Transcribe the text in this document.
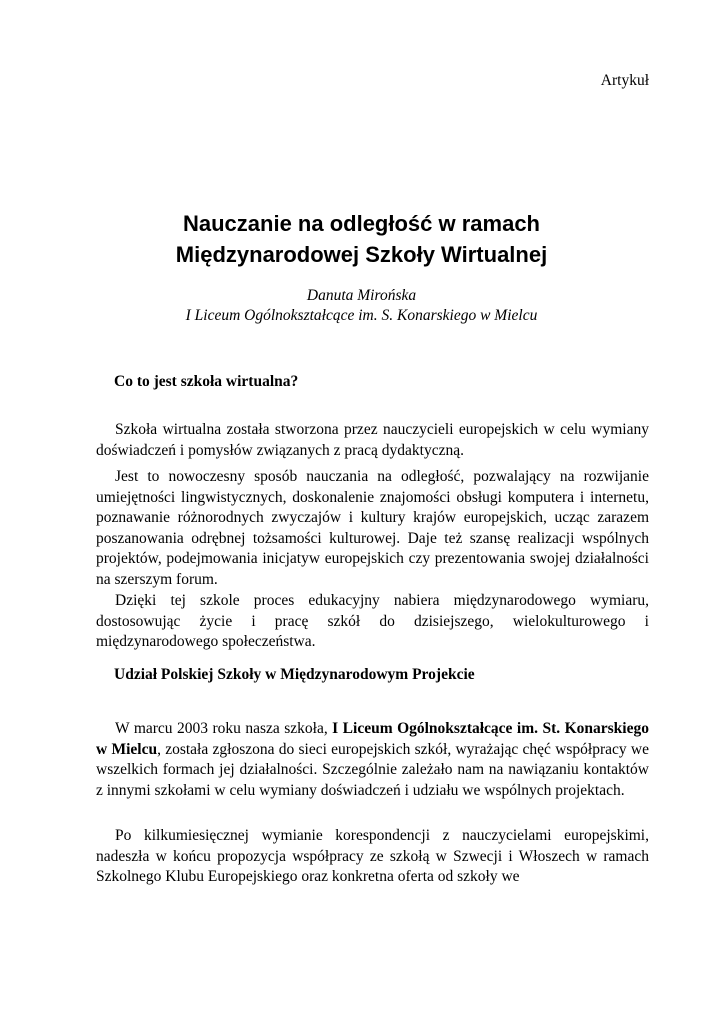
Artykuł
Nauczanie na odległość w ramach
Międzynarodowej Szkoły Wirtualnej
Danuta Mirońska
I Liceum Ogólnokształcące im. S. Konarskiego w Mielcu
Co to jest szkoła wirtualna?

Szkoła wirtualna została stworzona przez nauczycieli europejskich w celu wymiany doświadczeń i pomysłów związanych z pracą dydaktyczną.

Jest to nowoczesny sposób nauczania na odległość, pozwalający na rozwijanie umiejętności lingwistycznych, doskonalenie znajomości obsługi komputera i internetu, poznawanie różnorodnych zwyczajów i kultury krajów europejskich, ucząc zarazem poszanowania odrębnej tożsamości kulturowej. Daje też szansę realizacji wspólnych projektów, podejmowania inicjatyw europejskich czy prezentowania swojej działalności na szerszym forum.

Dzięki tej szkole proces edukacyjny nabiera międzynarodowego wymiaru, dostosowując życie i pracę szkół do dzisiejszego, wielokulturowego i międzynarodowego społeczeństwa.

Udział Polskiej Szkoły w Międzynarodowym Projekcie

W marcu 2003 roku nasza szkoła, I Liceum Ogólnokształcące im. St. Konarskiego w Mielcu, została zgłoszona do sieci europejskich szkół, wyrażając chęć współpracy we wszelkich formach jej działalności. Szczególnie zależało nam na nawiązaniu kontaktów z innymi szkołami w celu wymiany doświadczeń i udziału we wspólnych projektach.

Po kilkumiesięcznej wymianie korespondencji z nauczycielami europejskimi, nadeszła w końcu propozycja współpracy ze szkołą w Szwecji i Włoszech w ramach Szkolnego Klubu Europejskiego oraz konkretna oferta od szkoły we
